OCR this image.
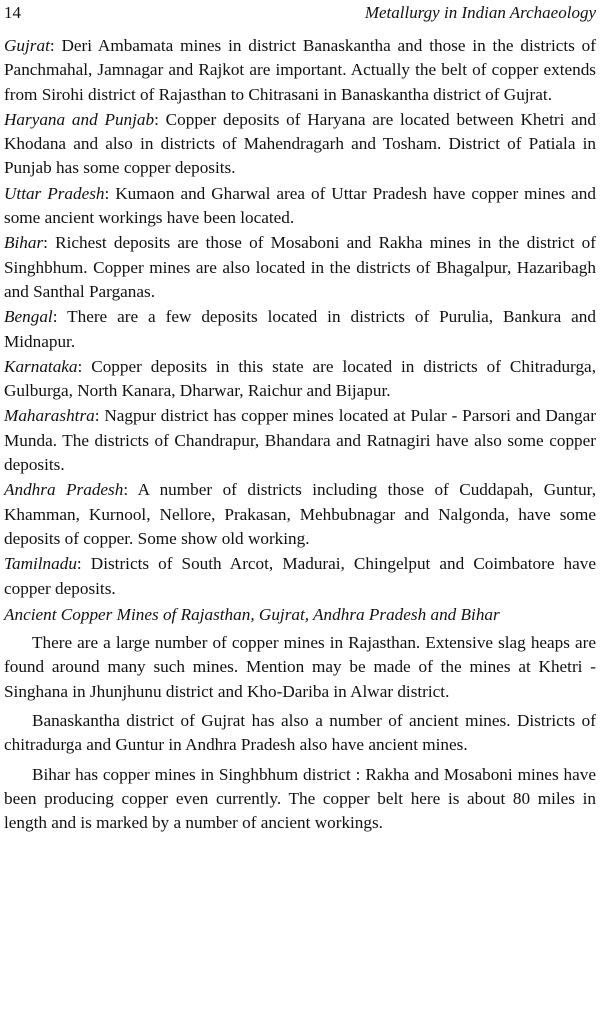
14	Metallurgy in Indian Archaeology

Gujrat: Deri Ambamata mines in district Banaskantha and those in the districts of Panchmahal, Jamnagar and Rajkot are important. Actually the belt of copper extends from Sirohi district of Rajasthan to Chitrasani in Banaskantha district of Gujrat.

Haryana and Punjab: Copper deposits of Haryana are located between Khetri and Khodana and also in districts of Mahendragarh and Tosham. District of Patiala in Punjab has some copper deposits.

Uttar Pradesh: Kumaon and Gharwal area of Uttar Pradesh have copper mines and some ancient workings have been located.

Bihar: Richest deposits are those of Mosaboni and Rakha mines in the district of Singhbhum. Copper mines are also located in the districts of Bhagalpur, Hazaribagh and Santhal Parganas.

Bengal: There are a few deposits located in districts of Purulia, Bankura and Midnapur.

Karnataka: Copper deposits in this state are located in districts of Chitradurga, Gulburga, North Kanara, Dharwar, Raichur and Bijapur.

Maharashtra: Nagpur district has copper mines located at Pular - Parsori and Dangar Munda. The districts of Chandrapur, Bhandara and Ratnagiri have also some copper deposits.

Andhra Pradesh: A number of districts including those of Cuddapah, Guntur, Khamman, Kurnool, Nellore, Prakasan, Mehbubnagar and Nalgonda, have some deposits of copper. Some show old working.

Tamilnadu: Districts of South Arcot, Madurai, Chingelput and Coimbatore have copper deposits.

Ancient Copper Mines of Rajasthan, Gujrat, Andhra Pradesh and Bihar

There are a large number of copper mines in Rajasthan. Extensive slag heaps are found around many such mines. Mention may be made of the mines at Khetri - Singhana in Jhunjhunu district and Kho-Dariba in Alwar district.

Banaskantha district of Gujrat has also a number of ancient mines. Districts of chitradurga and Guntur in Andhra Pradesh also have ancient mines.

Bihar has copper mines in Singhbhum district : Rakha and Mosaboni mines have been producing copper even currently. The copper belt here is about 80 miles in length and is marked by a number of ancient workings.
